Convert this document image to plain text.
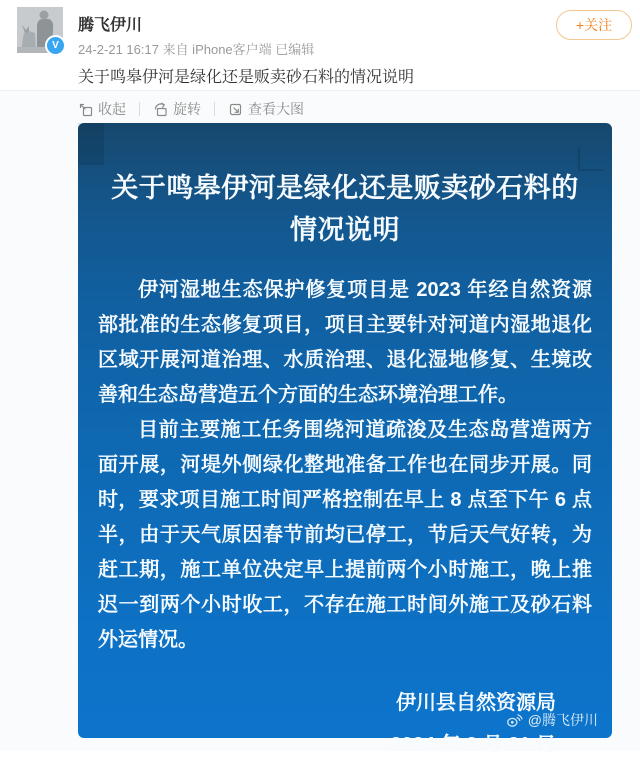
V
腾飞伊川
24-2-21 16:17 来自 iPhone客户端 已编辑
关于鸣皋伊河是绿化还是贩卖砂石料的情况说明
+关注
收起	旋转	查看大图
关于鸣皋伊河是绿化还是贩卖砂石料的情况说明

伊河湿地生态保护修复项目是 2023 年经自然资源部批准的生态修复项目，项目主要针对河道内湿地退化区域开展河道治理、水质治理、退化湿地修复、生境改善和生态岛营造五个方面的生态环境治理工作。

目前主要施工任务围绕河道疏浚及生态岛营造两方面开展，河堤外侧绿化整地准备工作也在同步开展。同时，要求项目施工时间严格控制在早上 8 点至下午 6 点半，由于天气原因春节前均已停工，节后天气好转，为赶工期，施工单位决定早上提前两个小时施工，晚上推迟一到两个小时收工，不存在施工时间外施工及砂石料外运情况。

伊川县自然资源局
2024 年 2 月 21 日
@腾飞伊川
